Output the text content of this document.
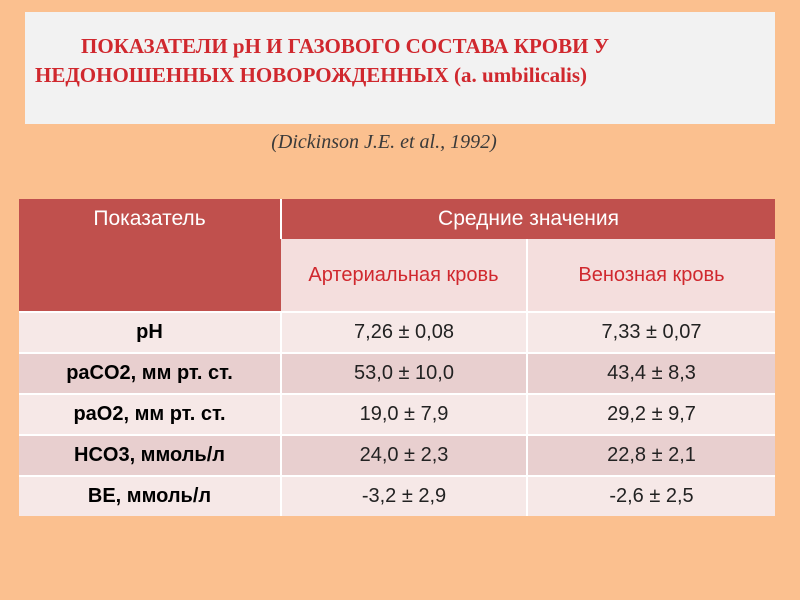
ПОКАЗАТЕЛИ pH И ГАЗОВОГО СОСТАВА КРОВИ У НЕДОНОШЕННЫХ НОВОРОЖДЕННЫХ (a. umbilicalis)
(Dickinson J.E. et al., 1992)
Показатель	Средние значения	
	Артериальная кровь	Венозная кровь
pH	7,26 ± 0,08	7,33 ± 0,07
paCO2, мм рт. ст.	53,0 ± 10,0	43,4 ± 8,3
paO2, мм рт. ст.	19,0 ± 7,9	29,2 ± 9,7
HCO3, ммоль/л	24,0 ± 2,3	22,8 ± 2,1
BE, ммоль/л	-3,2 ± 2,9	-2,6 ± 2,5
